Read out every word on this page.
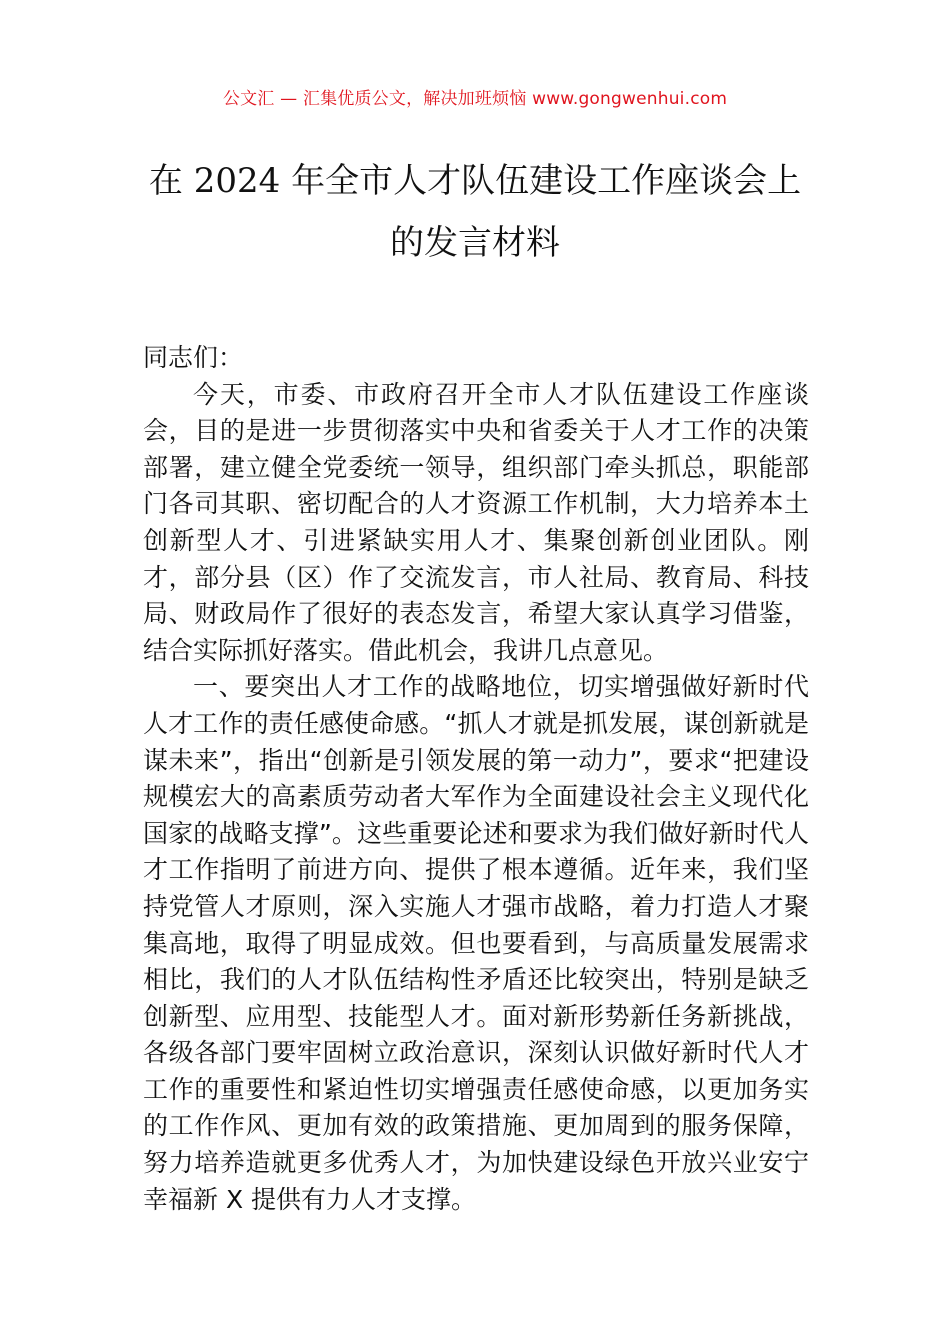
公文汇 — 汇集优质公文，解决加班烦恼 www.gongwenhui.com
在 2024 年全市人才队伍建设工作座谈会上
的发言材料

同志们：

今天，市委、市政府召开全市人才队伍建设工作座谈会，目的是进一步贯彻落实中央和省委关于人才工作的决策部署，建立健全党委统一领导，组织部门牵头抓总，职能部门各司其职、密切配合的人才资源工作机制，大力培养本土创新型人才、引进紧缺实用人才、集聚创新创业团队。刚才，部分县（区）作了交流发言，市人社局、教育局、科技局、财政局作了很好的表态发言，希望大家认真学习借鉴，结合实际抓好落实。借此机会，我讲几点意见。

一、要突出人才工作的战略地位，切实增强做好新时代人才工作的责任感使命感。“抓人才就是抓发展，谋创新就是谋未来”，指出“创新是引领发展的第一动力”，要求“把建设规模宏大的高素质劳动者大军作为全面建设社会主义现代化国家的战略支撑”。这些重要论述和要求为我们做好新时代人才工作指明了前进方向、提供了根本遵循。近年来，我们坚持党管人才原则，深入实施人才强市战略，着力打造人才聚集高地，取得了明显成效。但也要看到，与高质量发展需求相比，我们的人才队伍结构性矛盾还比较突出，特别是缺乏创新型、应用型、技能型人才。面对新形势新任务新挑战，各级各部门要牢固树立政治意识，深刻认识做好新时代人才工作的重要性和紧迫性切实增强责任感使命感，以更加务实的工作作风、更加有效的政策措施、更加周到的服务保障，努力培养造就更多优秀人才，为加快建设绿色开放兴业安宁幸福新 X 提供有力人才支撑。
